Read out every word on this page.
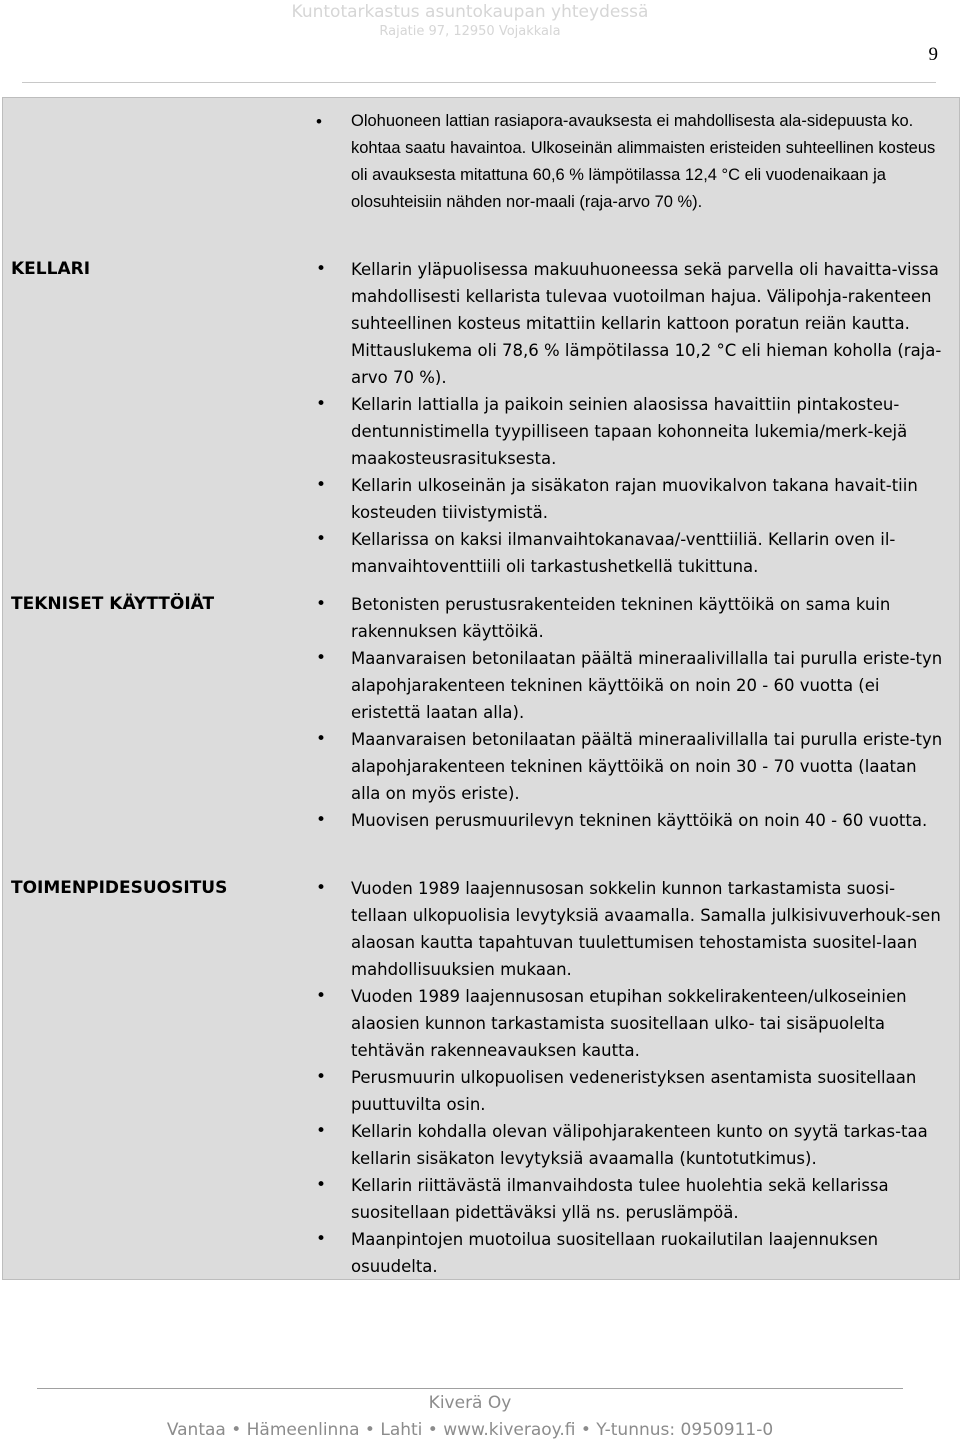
Kuntotarkastus asuntokaupan yhteydessä
Rajatie 97, 12950 Vojakkala
9
• Olohuoneen lattian rasiapora-avauksesta ei mahdollisesta ala-sidepuusta ko. kohtaa saatu havaintoa. Ulkoseinän alimmaisten eristeiden suhteellinen kosteus oli avauksesta mitattuna 60,6 % lämpötilassa 12,4 °C eli vuodenaikaan ja olosuhteisiin nähden nor-maali (raja-arvo 70 %).
KELLARI	• Kellarin yläpuolisessa makuuhuoneessa sekä parvella oli havaitta-vissa mahdollisesti kellarista tulevaa vuotoilman hajua. Välipohja-rakenteen suhteellinen kosteus mitattiin kellarin kattoon poratun reiän kautta. Mittauslukema oli 78,6 % lämpötilassa 10,2 °C eli hieman koholla (raja-arvo 70 %).
• Kellarin lattialla ja paikoin seinien alaosissa havaittiin pintakosteu-dentunnistimella tyypilliseen tapaan kohonneita lukemia/merk-kejä maakosteusrasituksesta.
• Kellarin ulkoseinän ja sisäkaton rajan muovikalvon takana havait-tiin kosteuden tiivistymistä.
• Kellarissa on kaksi ilmanvaihtokanavaa/-venttiiliä. Kellarin oven il-manvaihtoventtiili oli tarkastushetkellä tukittuna.
TEKNISET KÄYTTÖIÄT	• Betonisten perustusrakenteiden tekninen käyttöikä on sama kuin rakennuksen käyttöikä.
• Maanvaraisen betonilaatan päältä mineraalivillalla tai purulla eriste-tyn alapohjarakenteen tekninen käyttöikä on noin 20 - 60 vuotta (ei eristettä laatan alla).
• Maanvaraisen betonilaatan päältä mineraalivillalla tai purulla eriste-tyn alapohjarakenteen tekninen käyttöikä on noin 30 - 70 vuotta (laatan alla on myös eriste).
• Muovisen perusmuurilevyn tekninen käyttöikä on noin 40 - 60 vuotta.
TOIMENPIDESUOSITUS	• Vuoden 1989 laajennusosan sokkelin kunnon tarkastamista suosi-tellaan ulkopuolisia levytyksiä avaamalla. Samalla julkisivuverhouk-sen alaosan kautta tapahtuvan tuulettumisen tehostamista suositel-laan mahdollisuuksien mukaan.
• Vuoden 1989 laajennusosan etupihan sokkelirakenteen/ulkoseinien alaosien kunnon tarkastamista suositellaan ulko- tai sisäpuolelta tehtävän rakenneavauksen kautta.
• Perusmuurin ulkopuolisen vedeneristyksen asentamista suositellaan puuttuvilta osin.
• Kellarin kohdalla olevan välipohjarakenteen kunto on syytä tarkas-taa kellarin sisäkaton levytyksiä avaamalla (kuntotutkimus).
• Kellarin riittävästä ilmanvaihdosta tulee huolehtia sekä kellarissa suositellaan pidettäväksi yllä ns. peruslämpöä.
• Maanpintojen muotoilua suositellaan ruokailutilan laajennuksen osuudelta.
Kiverä Oy
Vantaa • Hämeenlinna • Lahti • www.kiveraoy.fi • Y-tunnus: 0950911-0
